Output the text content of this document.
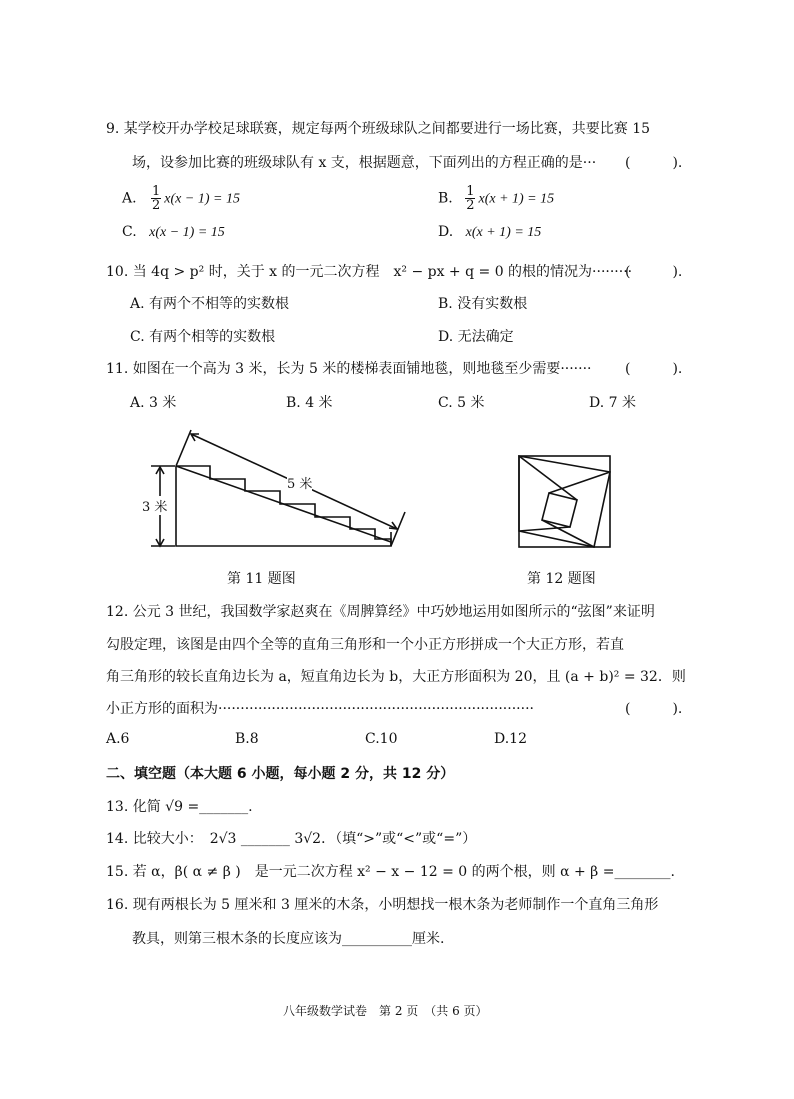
9. 某学校开办学校足球联赛，规定每两个班级球队之间都要进行一场比赛，共要比赛 15
场，设参加比赛的班级球队有 x 支，根据题意，下面列出的方程正确的是··· (　　　).
A. $\frac{1}{2} x(x - 1) = 15$	B. $\frac{1}{2} x(x + 1) = 15$
C. x(x − 1) = 15	D. x(x + 1) = 15
10. 当 4q > p² 时，关于 x 的一元二次方程　x² − px + q = 0 的根的情况为·········
(　　　).
A. 有两个不相等的实数根	B. 没有实数根
C. 有两个相等的实数根	D. 无法确定
11. 如图在一个高为 3 米，长为 5 米的楼梯表面铺地毯，则地毯至少需要······· (　　　).
A. 3 米	B. 4 米	C. 5 米	D. 7 米
3 米
5 米
第 11 题图	第 12 题图
12. 公元 3 世纪，我国数学家赵爽在《周脾算经》中巧妙地运用如图所示的“弦图”来证明
勾股定理，该图是由四个全等的直角三角形和一个小正方形拼成一个大正方形，若直
角三角形的较长直角边长为 a，短直角边长为 b，大正方形面积为 20，且 (a + b)² = 32．则
小正方形的面积为·······································································	(　　　).
A.6	B.8	C.10	D.12
二、填空题（本大题 6 小题，每小题 2 分，共 12 分）
13. 化简 √9 =_______.
14. 比较大小：　2√3 _______ 3√2．（填“>”或“<”或“=”）
15. 若 α，β( α ≠ β )　是一元二次方程 x² − x − 12 = 0 的两个根，则 α + β =________.
16. 现有两根长为 5 厘米和 3 厘米的木条，小明想找一根木条为老师制作一个直角三角形
教具，则第三根木条的长度应该为__________厘米.
八年级数学试卷　第 2 页　（共 6 页）
